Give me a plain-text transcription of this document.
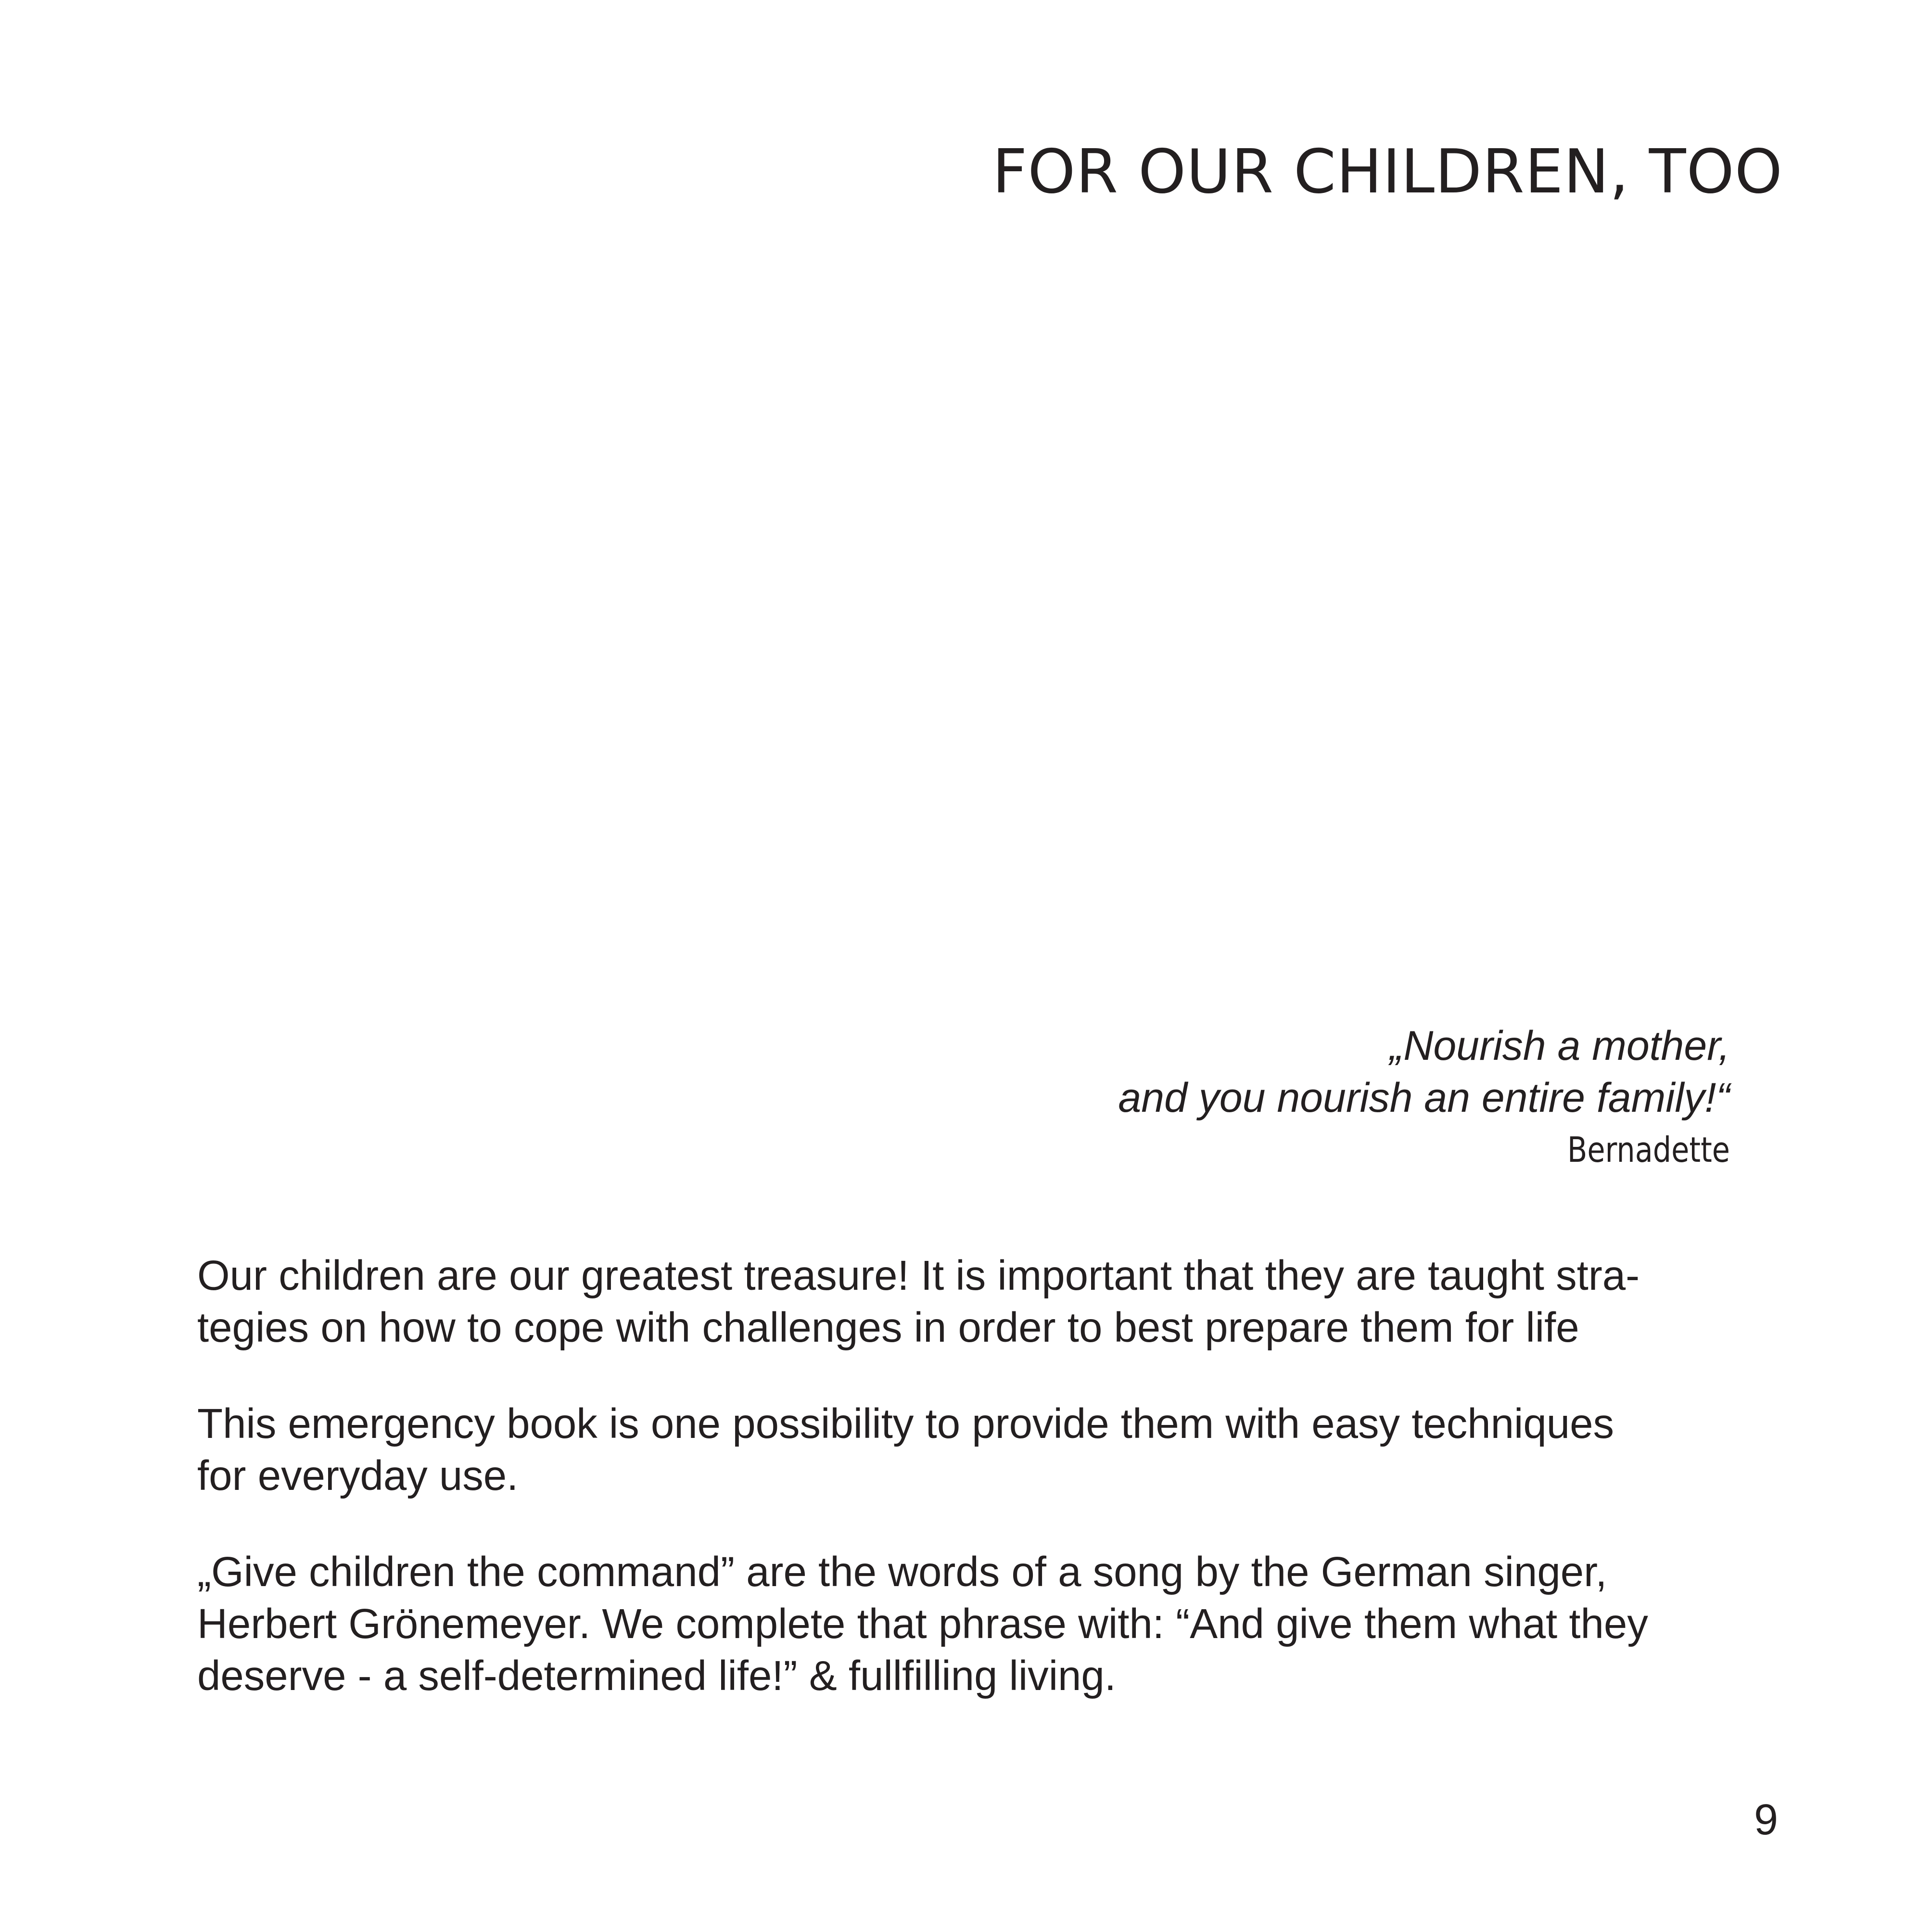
FOR OUR CHILDREN, TOO
„Nourish a mother,
and you nourish an entire family!“
Bernadette

Our children are our greatest treasure! It is important that they are taught stra-
tegies on how to cope with challenges in order to best prepare them for life

This emergency book is one possibility to provide them with easy techniques
for everyday use.

„Give children the command” are the words of a song by the German singer,
Herbert Grönemeyer. We complete that phrase with: “And give them what they
deserve - a self-determined life!” & fullfilling living.

9
